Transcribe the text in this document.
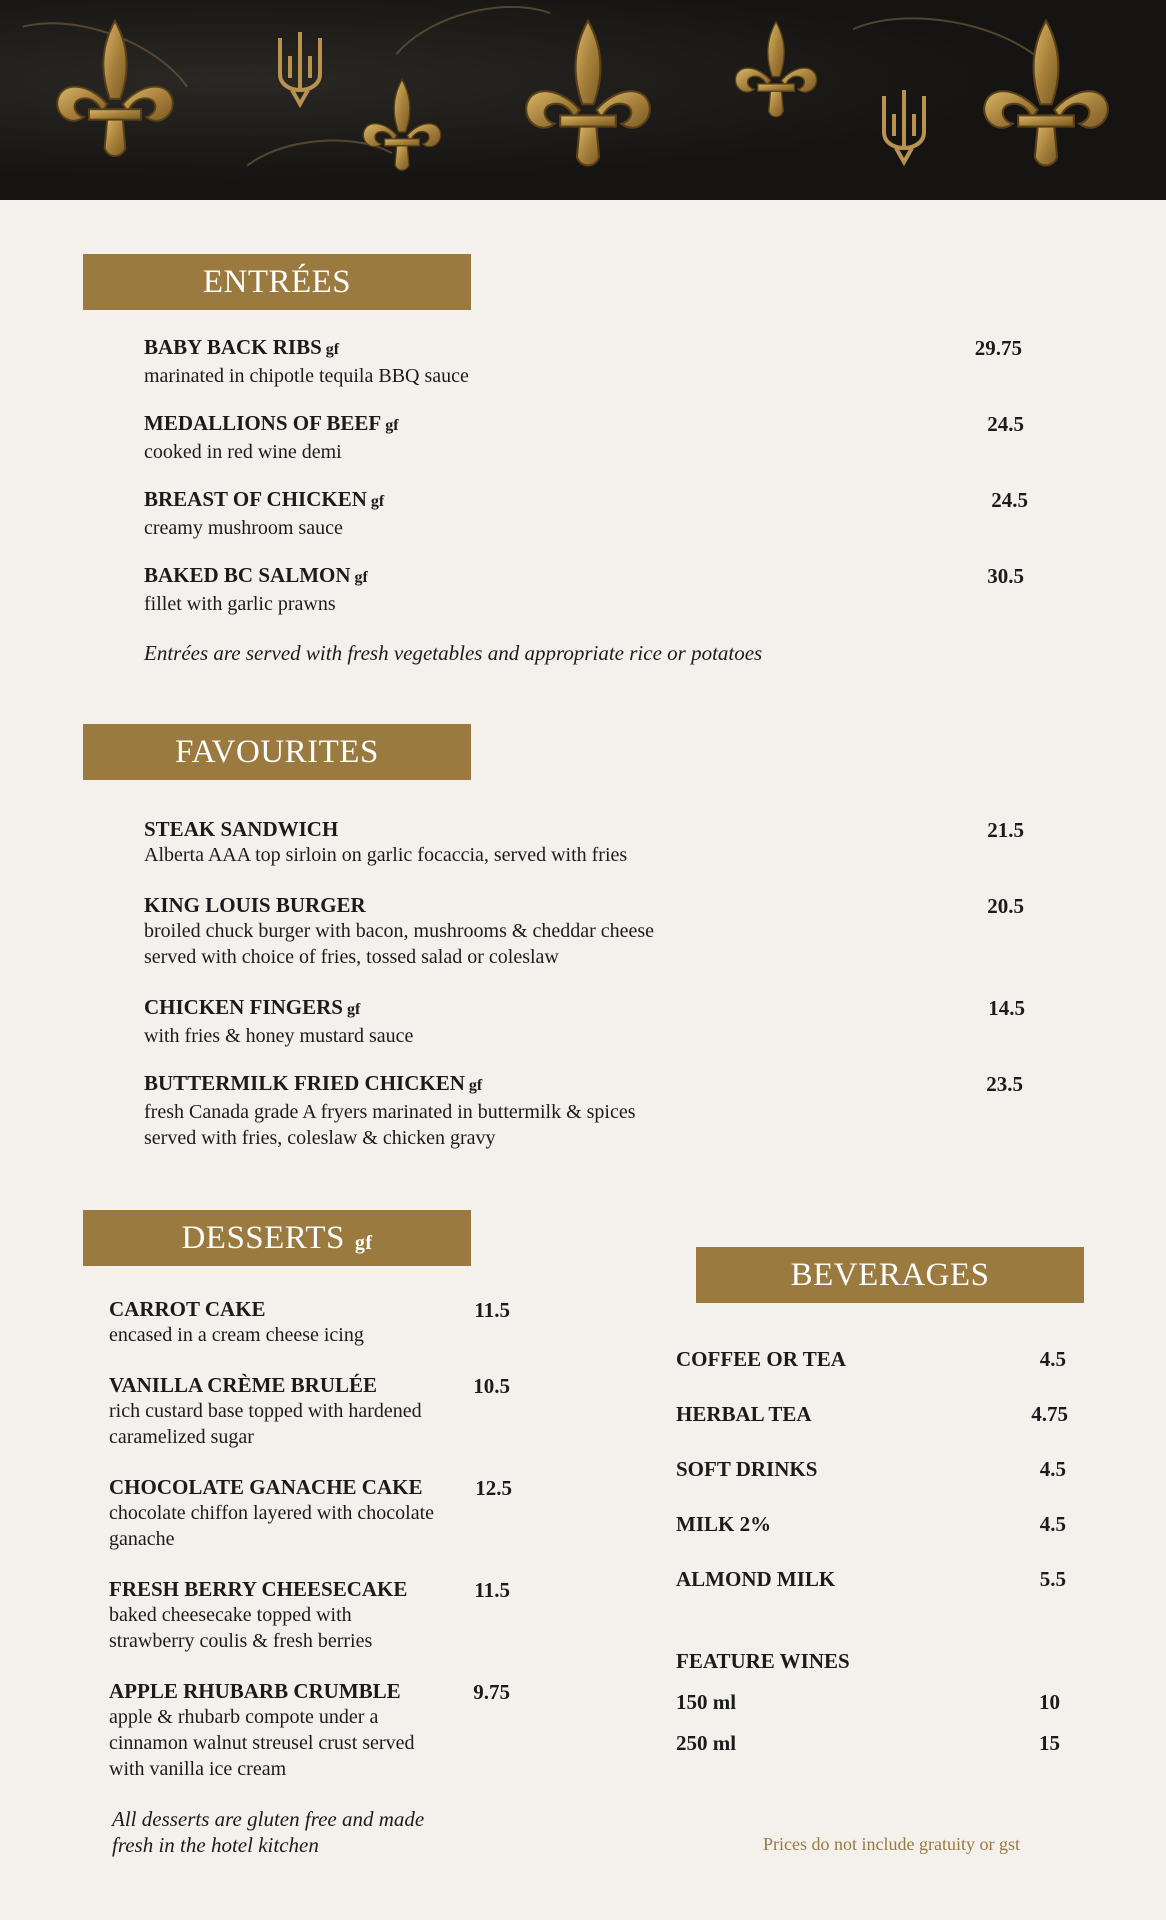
ENTRÉES
BABY BACK RIBS gf
marinated in chipotle tequila BBQ sauce
29.75
MEDALLIONS OF BEEF gf
cooked in red wine demi
24.5
BREAST OF CHICKEN gf
creamy mushroom sauce
24.5
BAKED BC SALMON gf
fillet with garlic prawns
30.5
Entrées are served with fresh vegetables and appropriate rice or potatoes
FAVOURITES
STEAK SANDWICH
Alberta AAA top sirloin on garlic focaccia, served with fries
21.5
KING LOUIS BURGER
broiled chuck burger with bacon, mushrooms & cheddar cheese
served with choice of fries, tossed salad or coleslaw
20.5
CHICKEN FINGERS gf
with fries & honey mustard sauce
14.5
BUTTERMILK FRIED CHICKEN gf
fresh Canada grade A fryers marinated in buttermilk & spices
served with fries, coleslaw & chicken gravy
23.5
DESSERTS gf
CARROT CAKE
encased in a cream cheese icing
11.5
VANILLA CRÈME BRULÉE
rich custard base topped with hardened
caramelized sugar
10.5
CHOCOLATE GANACHE CAKE
chocolate chiffon layered with chocolate
ganache
12.5
FRESH BERRY CHEESECAKE
baked cheesecake topped with
strawberry coulis & fresh berries
11.5
APPLE RHUBARB CRUMBLE
apple & rhubarb compote under a
cinnamon walnut streusel crust served
with vanilla ice cream
9.75
All desserts are gluten free and made
fresh in the hotel kitchen
BEVERAGES
COFFEE OR TEA	4.5
HERBAL TEA	4.75
SOFT DRINKS	4.5
MILK 2%	4.5
ALMOND MILK	5.5
FEATURE WINES
150 ml	10
250 ml	15
Prices do not include gratuity or gst
